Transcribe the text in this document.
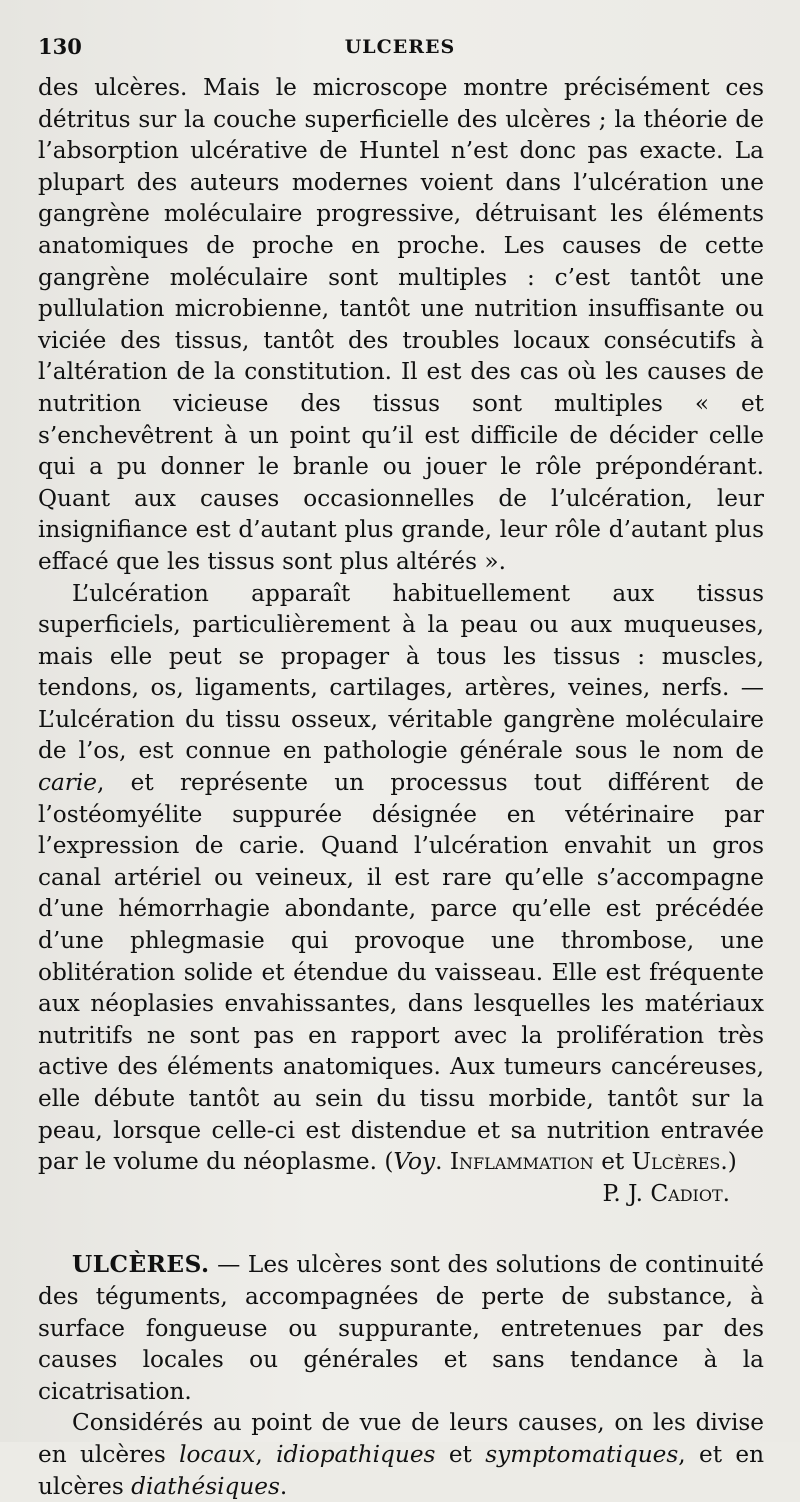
130	ULCERES

des ulcères. Mais le microscope montre précisément ces détritus sur la couche superficielle des ulcères ; la théorie de l’absorption ulcérative de Huntel n’est donc pas exacte. La plupart des auteurs modernes voient dans l’ulcération une gangrène moléculaire progressive, détruisant les éléments anatomiques de proche en proche. Les causes de cette gangrène moléculaire sont multiples : c’est tantôt une pullulation microbienne, tantôt une nutrition insuffisante ou viciée des tissus, tantôt des troubles locaux consécutifs à l’altération de la constitution. Il est des cas où les causes de nutrition vicieuse des tissus sont multiples « et s’enchevêtrent à un point qu’il est difficile de décider celle qui a pu donner le branle ou jouer le rôle prépondérant. Quant aux causes occasionnelles de l’ulcération, leur insignifiance est d’autant plus grande, leur rôle d’autant plus effacé que les tissus sont plus altérés ».

L’ulcération apparaît habituellement aux tissus superficiels, particulièrement à la peau ou aux muqueuses, mais elle peut se propager à tous les tissus : muscles, tendons, os, ligaments, cartilages, artères, veines, nerfs. — L’ulcération du tissu osseux, véritable gangrène moléculaire de l’os, est connue en pathologie générale sous le nom de carie, et représente un processus tout différent de l’ostéomyélite suppurée désignée en vétérinaire par l’expression de carie. Quand l’ulcération envahit un gros canal artériel ou veineux, il est rare qu’elle s’accompagne d’une hémorrhagie abondante, parce qu’elle est précédée d’une phlegmasie qui provoque une thrombose, une oblitération solide et étendue du vaisseau. Elle est fréquente aux néoplasies envahissantes, dans lesquelles les matériaux nutritifs ne sont pas en rapport avec la prolifération très active des éléments anatomiques. Aux tumeurs cancéreuses, elle débute tantôt au sein du tissu morbide, tantôt sur la peau, lorsque celle-ci est distendue et sa nutrition entravée par le volume du néoplasme. (Voy. Inflammation et Ulcères.)

P. J. Cadiot.

ULCÈRES. — Les ulcères sont des solutions de continuité des téguments, accompagnées de perte de substance, à surface fongueuse ou suppurante, entretenues par des causes locales ou générales et sans tendance à la cicatrisation.

Considérés au point de vue de leurs causes, on les divise en ulcères locaux, idiopathiques et symptomatiques, et en ulcères diathésiques.
